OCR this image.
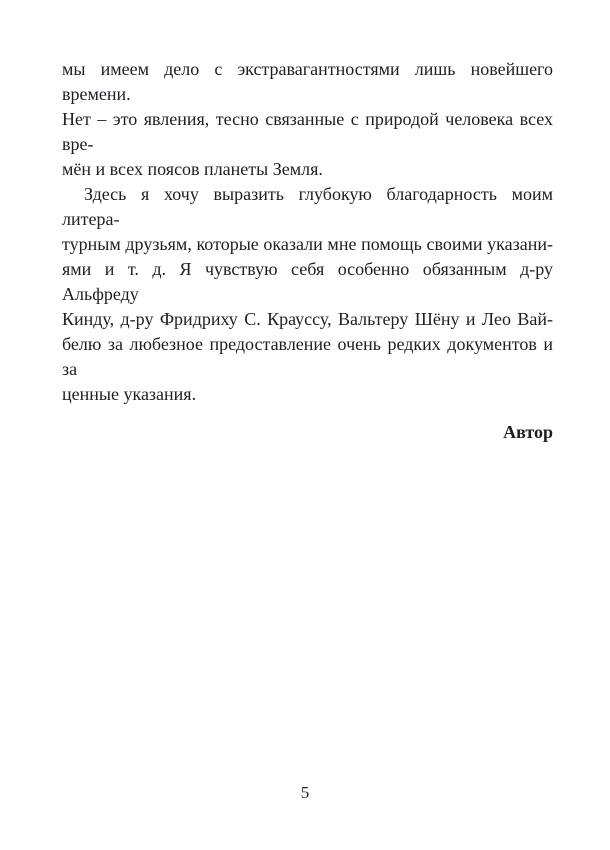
мы имеем дело с экстравагантностями лишь новейшего времени.
Нет – это явления, тесно связанные с природой человека всех вре-
мён и всех поясов планеты Земля.
Здесь я хочу выразить глубокую благодарность моим литера-
турным друзьям, которые оказали мне помощь своими указани-
ями и т. д. Я чувствую себя особенно обязанным д-ру Альфреду
Кинду, д-ру Фридриху С. Крауссу, Вальтеру Шёну и Лео Вай-
белю за любезное предоставление очень редких документов и за
ценные указания.
Автор
5
